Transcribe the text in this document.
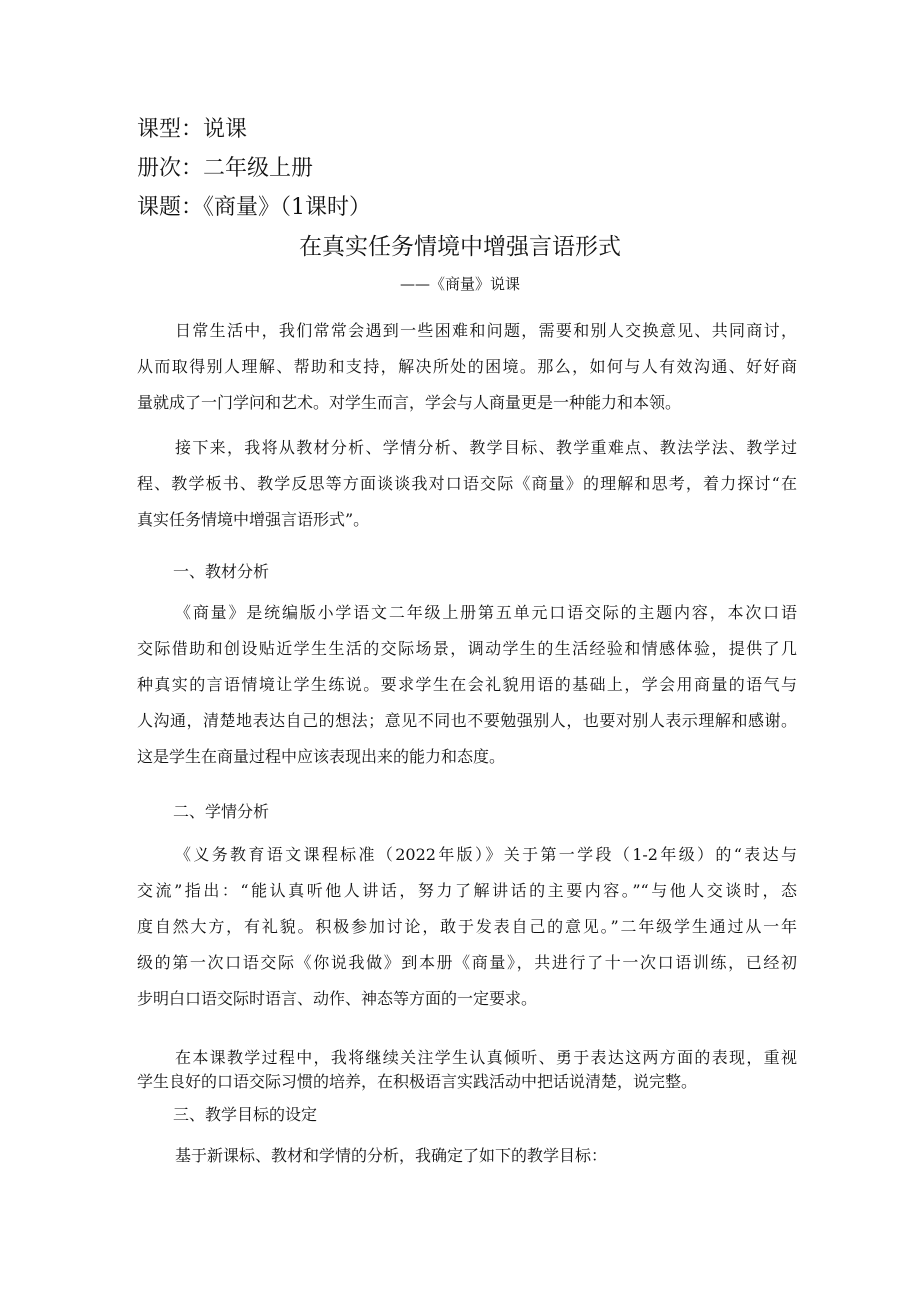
课型：说课
册次：二年级上册
课题：《商量》（1课时）
在真实任务情境中增强言语形式
——《商量》说课
日常生活中，我们常常会遇到一些困难和问题，需要和别人交换意见、共同商讨，
从而取得别人理解、帮助和支持，解决所处的困境。那么，如何与人有效沟通、好好商
量就成了一门学问和艺术。对学生而言，学会与人商量更是一种能力和本领。
接下来，我将从教材分析、学情分析、教学目标、教学重难点、教法学法、教学过
程、教学板书、教学反思等方面谈谈我对口语交际《商量》的理解和思考，着力探讨“在
真实任务情境中增强言语形式”。
一、教材分析
《商量》是统编版小学语文二年级上册第五单元口语交际的主题内容，本次口语
交际借助和创设贴近学生生活的交际场景，调动学生的生活经验和情感体验，提供了几
种真实的言语情境让学生练说。要求学生在会礼貌用语的基础上，学会用商量的语气与
人沟通，清楚地表达自己的想法；意见不同也不要勉强别人，也要对别人表示理解和感谢。
这是学生在商量过程中应该表现出来的能力和态度。
二、学情分析
《义务教育语文课程标准（2022年版）》关于第一学段（1-2年级）的“表达与
交流”指出：“能认真听他人讲话，努力了解讲话的主要内容。”“与他人交谈时，态
度自然大方，有礼貌。积极参加讨论，敢于发表自己的意见。”二年级学生通过从一年
级的第一次口语交际《你说我做》到本册《商量》，共进行了十一次口语训练，已经初
步明白口语交际时语言、动作、神态等方面的一定要求。
在本课教学过程中，我将继续关注学生认真倾听、勇于表达这两方面的表现，重视
学生良好的口语交际习惯的培养，在积极语言实践活动中把话说清楚，说完整。
三、教学目标的设定
基于新课标、教材和学情的分析，我确定了如下的教学目标：
